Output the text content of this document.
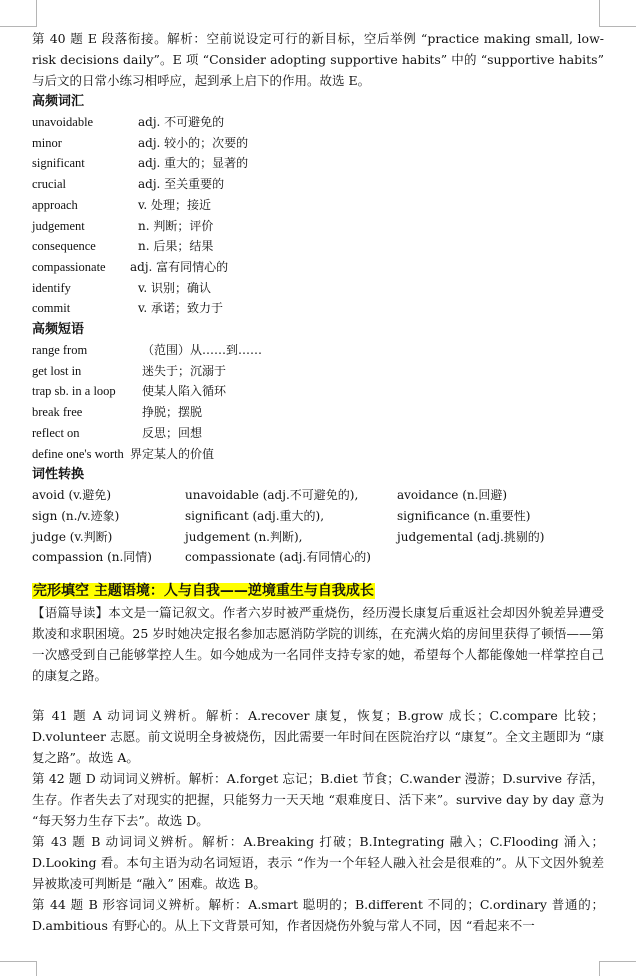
第 40 题 E 段落衔接。解析：空前说设定可行的新目标，空后举例 “practice making small, low-risk decisions daily”。E 项 “Consider adopting supportive habits” 中的 “supportive habits” 与后文的日常小练习相呼应，起到承上启下的作用。故选 E。

高频词汇

unavoidable	adj. 不可避免的
minor	adj. 较小的；次要的
significant	adj. 重大的；显著的
crucial	adj. 至关重要的
approach	v. 处理；接近
judgement	n. 判断；评价
consequence	n. 后果；结果
compassionate	adj. 富有同情心的
identify	v. 识别；确认
commit	v. 承诺；致力于

高频短语

range from	（范围）从……到……
get lost in	迷失于；沉溺于
trap sb. in a loop	使某人陷入循环
break free	挣脱；摆脱
reflect on	反思；回想
define one's worth 界定某人的价值

词性转换

avoid (v.避免)	unavoidable (adj.不可避免的),	avoidance (n.回避)
sign (n./v.迹象)	significant (adj.重大的),	significance (n.重要性)
judge (v.判断)	judgement (n.判断),	judgemental (adj.挑剔的)
compassion (n.同情)	compassionate (adj.有同情心的)

完形填空 主题语境：人与自我——逆境重生与自我成长

【语篇导读】本文是一篇记叙文。作者六岁时被严重烧伤，经历漫长康复后重返社会却因外貌差异遭受欺凌和求职困境。25 岁时她决定报名参加志愿消防学院的训练，在充满火焰的房间里获得了顿悟——第一次感受到自己能够掌控人生。如今她成为一名同伴支持专家的她，希望每个人都能像她一样掌控自己的康复之路。

第 41 题 A 动词词义辨析。解析：A.recover 康复，恢复；B.grow 成长；C.compare 比较；D.volunteer 志愿。前文说明全身被烧伤，因此需要一年时间在医院治疗以 “康复”。全文主题即为 “康复之路”。故选 A。

第 42 题 D 动词词义辨析。解析：A.forget 忘记；B.diet 节食；C.wander 漫游；D.survive 存活，生存。作者失去了对现实的把握，只能努力一天天地 “艰难度日、活下来”。survive day by day 意为 “每天努力生存下去”。故选 D。

第 43 题 B 动词词义辨析。解析：A.Breaking 打破；B.Integrating 融入；C.Flooding 涌入；D.Looking 看。本句主语为动名词短语，表示 “作为一个年轻人融入社会是很难的”。从下文因外貌差异被欺凌可判断是 “融入” 困难。故选 B。

第 44 题 B 形容词词义辨析。解析：A.smart 聪明的；B.different 不同的；C.ordinary 普通的；D.ambitious 有野心的。从上下文背景可知，作者因烧伤外貌与常人不同，因 “看起来不一
